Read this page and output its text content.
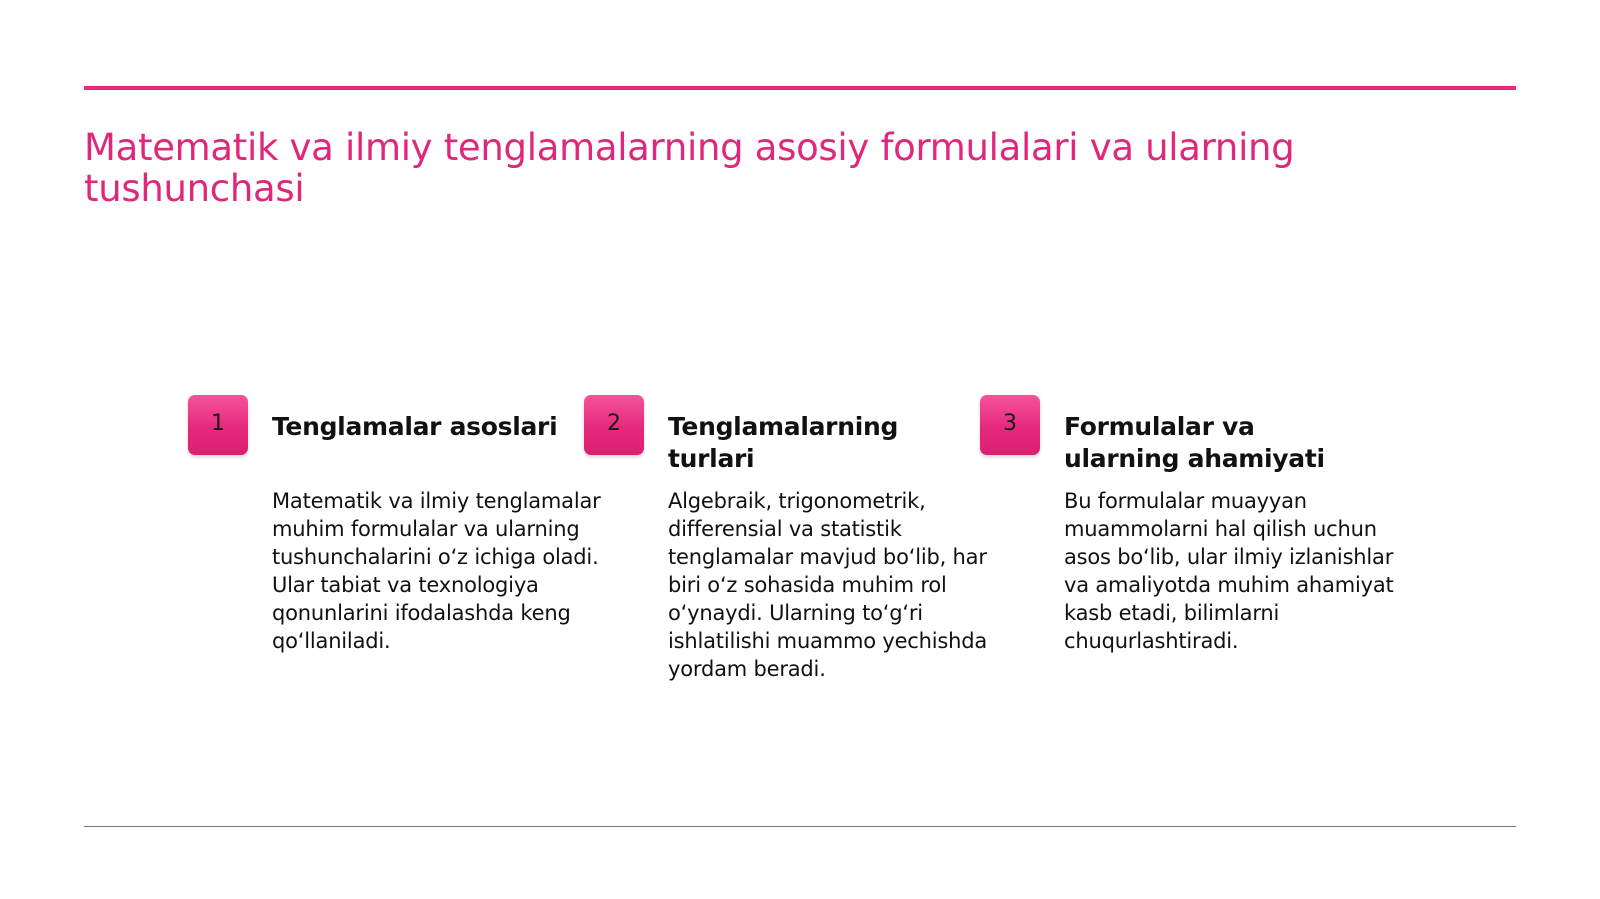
Matematik va ilmiy tenglamalarning asosiy formulalari va ularning tushunchasi
1 Tenglamalar asoslari

Matematik va ilmiy tenglamalar muhim formulalar va ularning tushunchalarini o‘z ichiga oladi. Ular tabiat va texnologiya qonunlarini ifodalashda keng qo‘llaniladi.

2 Tenglamalarning turlari

Algebraik, trigonometrik, differensial va statistik tenglamalar mavjud bo‘lib, har biri o‘z sohasida muhim rol o‘ynaydi. Ularning to‘g‘ri ishlatilishi muammo yechishda yordam beradi.

3 Formulalar va ularning ahamiyati

Bu formulalar muayyan muammolarni hal qilish uchun asos bo‘lib, ular ilmiy izlanishlar va amaliyotda muhim ahamiyat kasb etadi, bilimlarni chuqurlashtiradi.
